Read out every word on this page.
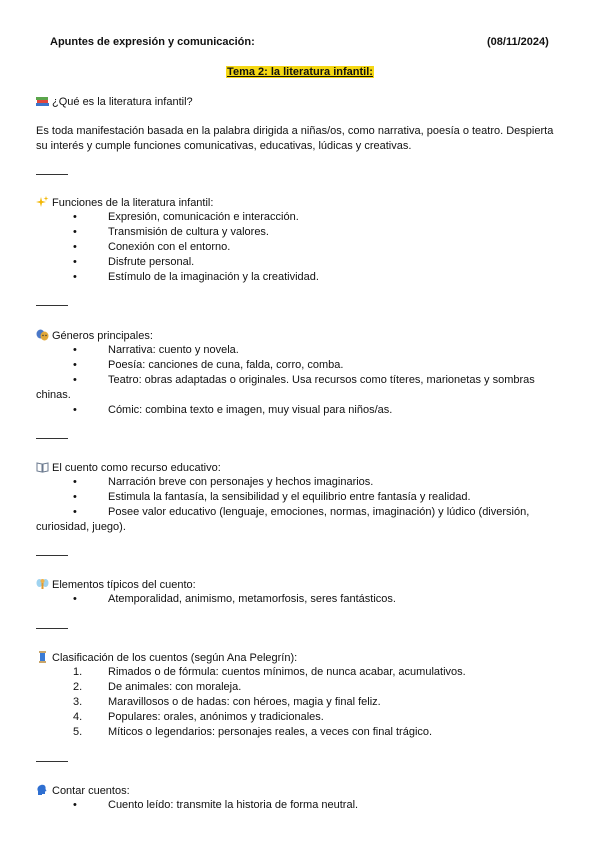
Apuntes de expresión y comunicación:	(08/11/2024)
Tema 2: la literatura infantil:
¿Qué es la literatura infantil?
Es toda manifestación basada en la palabra dirigida a niñas/os, como narrativa, poesía o teatro. Despierta su interés y cumple funciones comunicativas, educativas, lúdicas y creativas.
Funciones de la literatura infantil:
•	Expresión, comunicación e interacción.
•	Transmisión de cultura y valores.
•	Conexión con el entorno.
•	Disfrute personal.
•	Estímulo de la imaginación y la creatividad.
Géneros principales:
•	Narrativa: cuento y novela.
•	Poesía: canciones de cuna, falda, corro, comba.
•	Teatro: obras adaptadas o originales. Usa recursos como títeres, marionetas y sombras
chinas.
•	Cómic: combina texto e imagen, muy visual para niños/as.
El cuento como recurso educativo:
•	Narración breve con personajes y hechos imaginarios.
•	Estimula la fantasía, la sensibilidad y el equilibrio entre fantasía y realidad.
•	Posee valor educativo (lenguaje, emociones, normas, imaginación) y lúdico (diversión,
curiosidad, juego).
Elementos típicos del cuento:
•	Atemporalidad, animismo, metamorfosis, seres fantásticos.
Clasificación de los cuentos (según Ana Pelegrín):
1. Rimados o de fórmula: cuentos mínimos, de nunca acabar, acumulativos.
2. De animales: con moraleja.
3. Maravillosos o de hadas: con héroes, magia y final feliz.
4. Populares: orales, anónimos y tradicionales.
5. Míticos o legendarios: personajes reales, a veces con final trágico.
Contar cuentos:
•	Cuento leído: transmite la historia de forma neutral.
